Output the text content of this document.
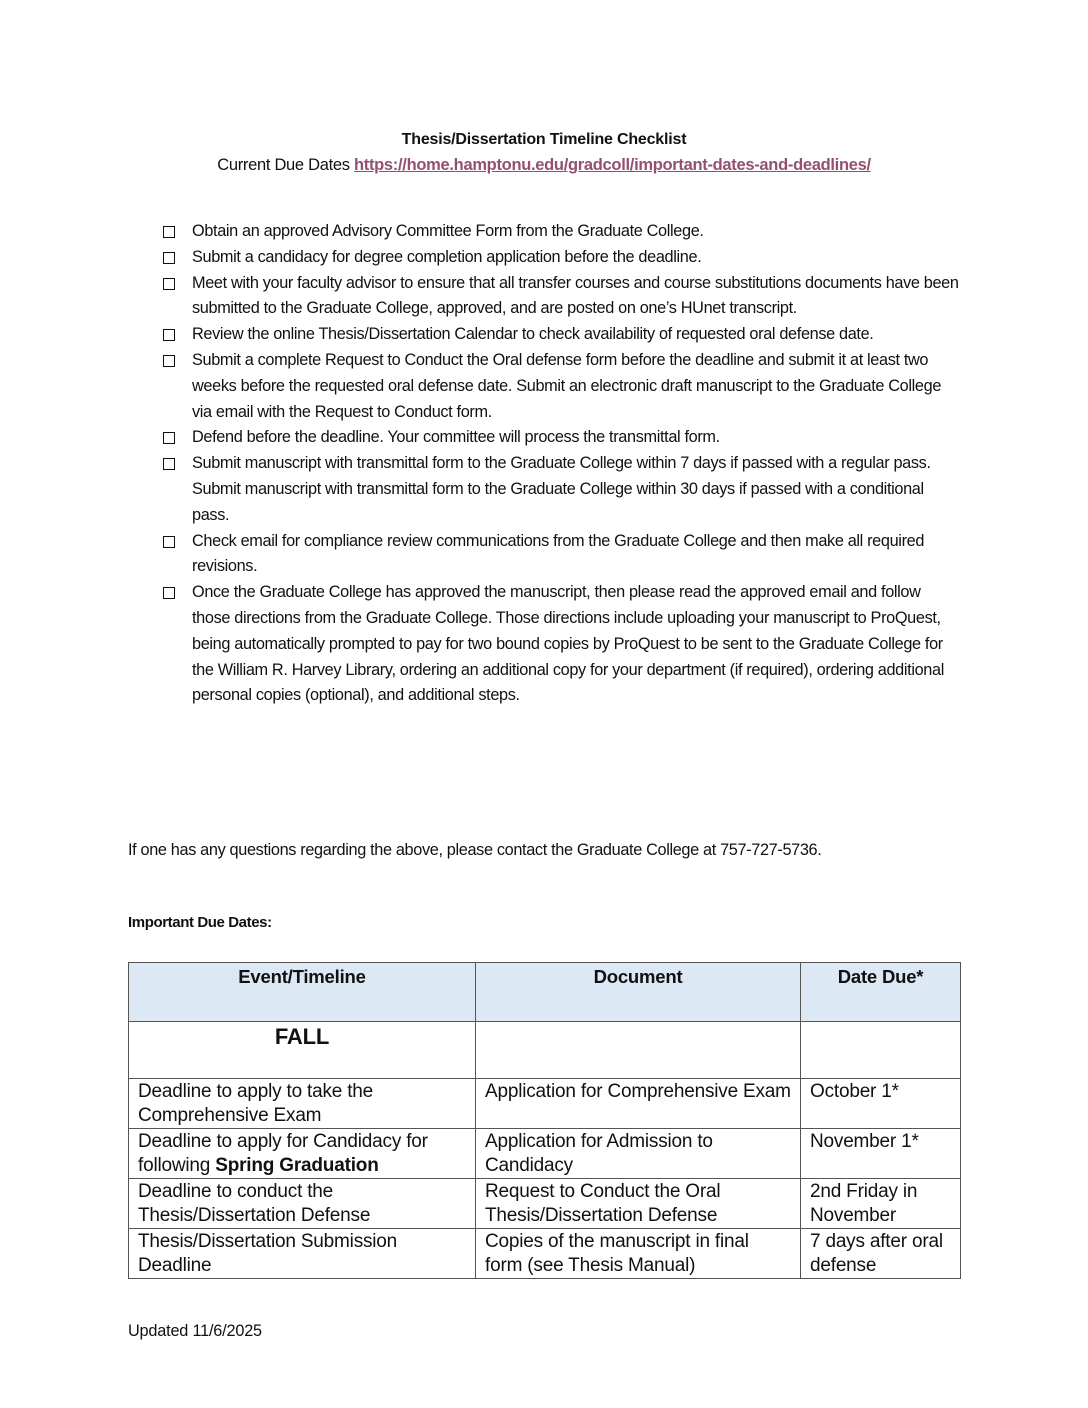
Thesis/Dissertation Timeline Checklist
Current Due Dates https://home.hamptonu.edu/gradcoll/important-dates-and-deadlines/
Obtain an approved Advisory Committee Form from the Graduate College.
Submit a candidacy for degree completion application before the deadline.
Meet with your faculty advisor to ensure that all transfer courses and course substitutions documents have been submitted to the Graduate College, approved, and are posted on one’s HUnet transcript.
Review the online Thesis/Dissertation Calendar to check availability of requested oral defense date.
Submit a complete Request to Conduct the Oral defense form before the deadline and submit it at least two weeks before the requested oral defense date. Submit an electronic draft manuscript to the Graduate College via email with the Request to Conduct form.
Defend before the deadline. Your committee will process the transmittal form.
Submit manuscript with transmittal form to the Graduate College within 7 days if passed with a regular pass. Submit manuscript with transmittal form to the Graduate College within 30 days if passed with a conditional pass.
Check email for compliance review communications from the Graduate College and then make all required revisions.
Once the Graduate College has approved the manuscript, then please read the approved email and follow those directions from the Graduate College. Those directions include uploading your manuscript to ProQuest, being automatically prompted to pay for two bound copies by ProQuest to be sent to the Graduate College for the William R. Harvey Library, ordering an additional copy for your department (if required), ordering additional personal copies (optional), and additional steps.
If one has any questions regarding the above, please contact the Graduate College at 757-727-5736.
Important Due Dates:
Event/Timeline	Document	Date Due*
FALL		
Deadline to apply to take the Comprehensive Exam	Application for Comprehensive Exam	October 1*
Deadline to apply for Candidacy for following Spring Graduation	Application for Admission to Candidacy	November 1*
Deadline to conduct the Thesis/Dissertation Defense	Request to Conduct the Oral Thesis/Dissertation Defense	2nd Friday in November
Thesis/Dissertation Submission Deadline	Copies of the manuscript in final form (see Thesis Manual)	7 days after oral defense
Updated 11/6/2025
